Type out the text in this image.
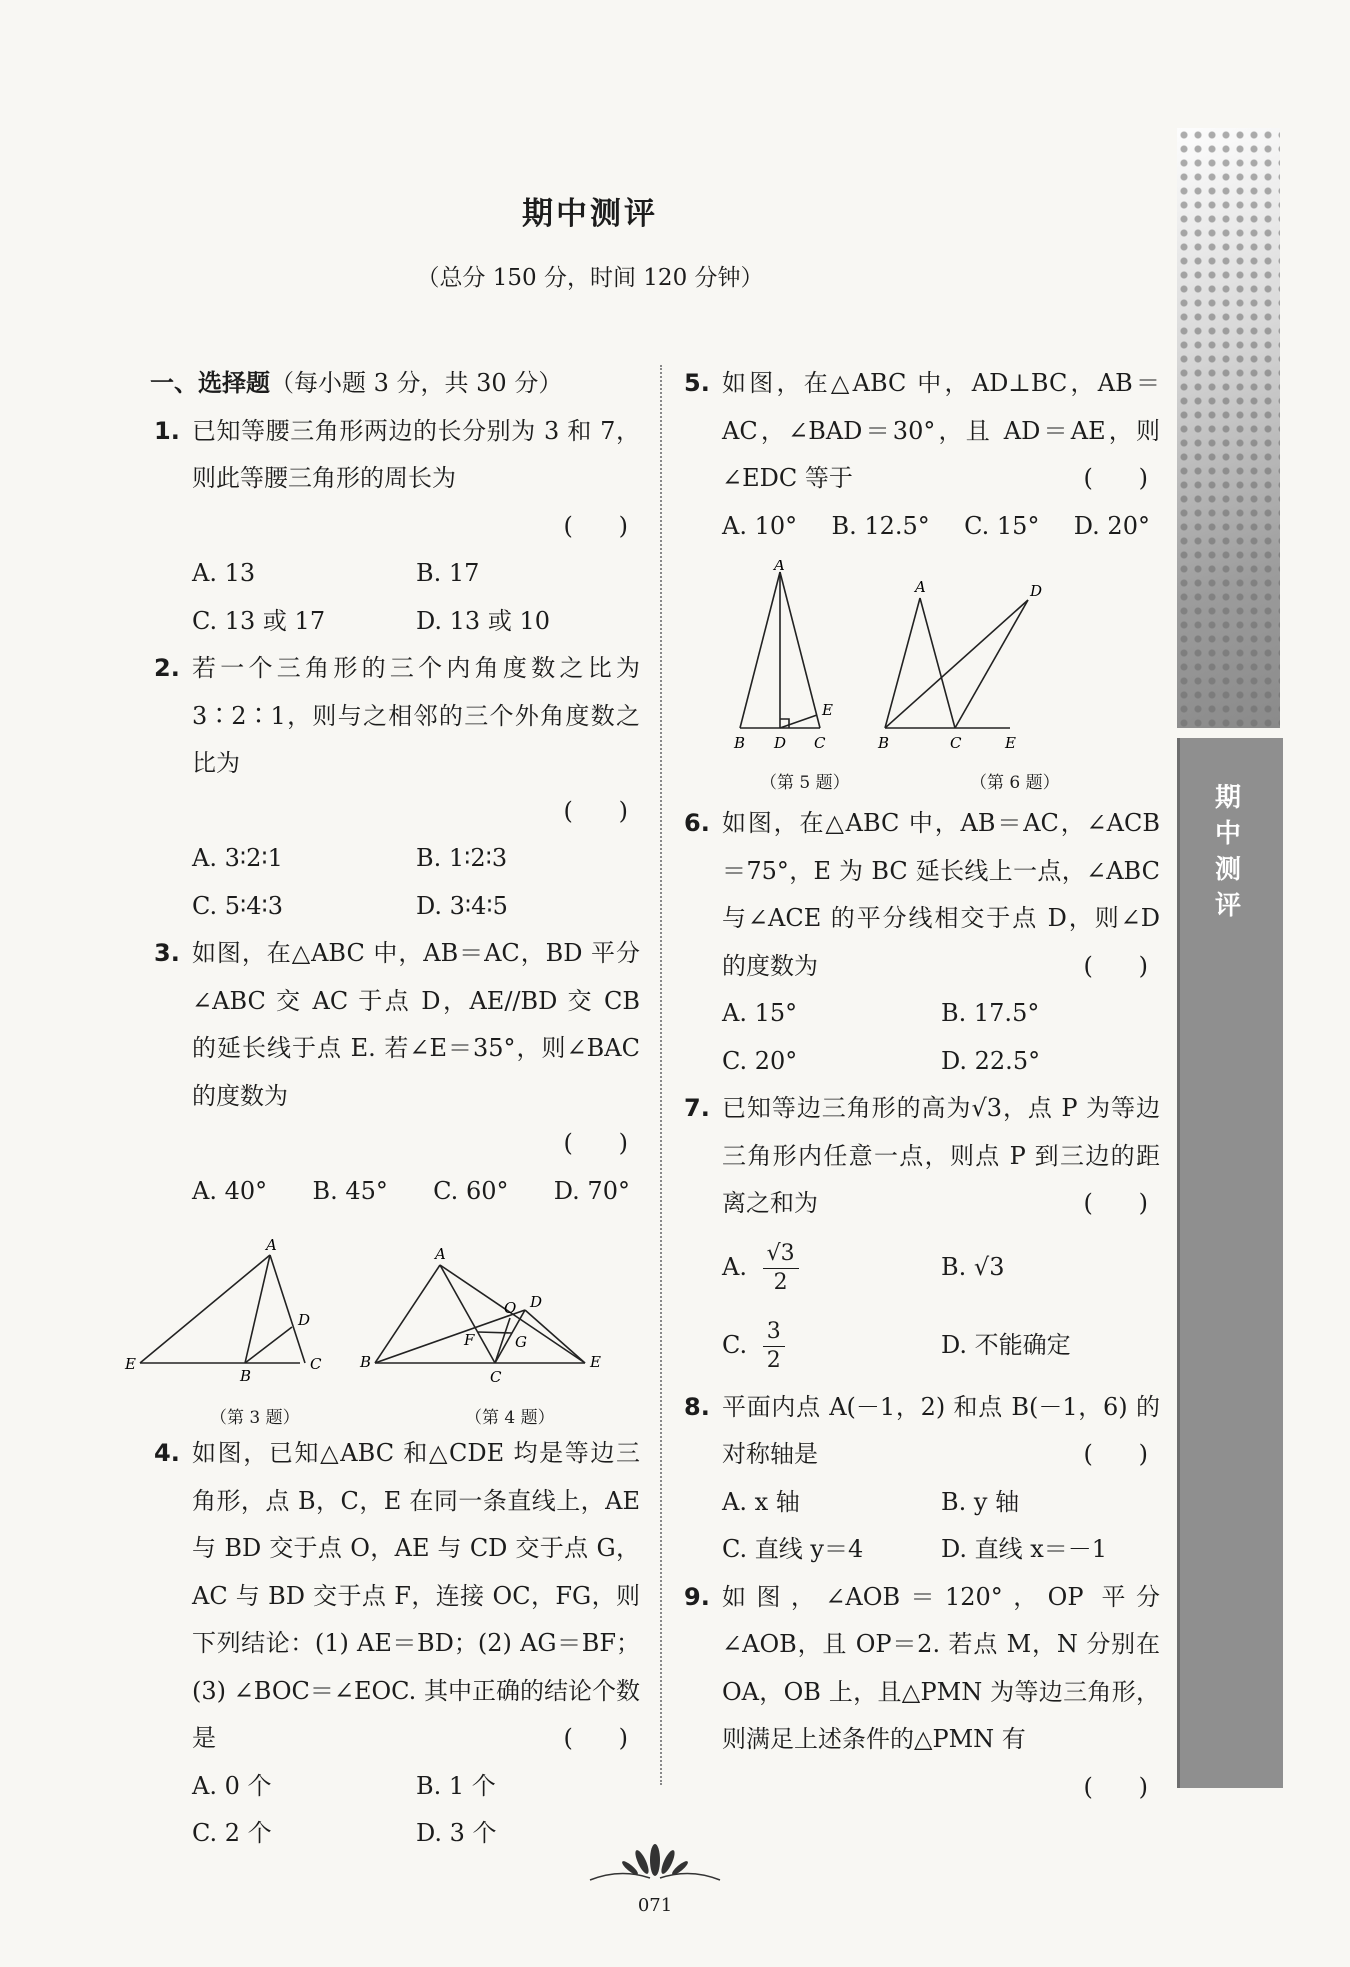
期
中
测
评
期中测评
（总分 150 分，时间 120 分钟）
一、选择题（每小题 3 分，共 30 分）
1. 已知等腰三角形两边的长分别为 3 和 7，则此等腰三角形的周长为
(      )
A. 13	B. 17
C. 13 或 17	D. 13 或 10
2. 若一个三角形的三个内角度数之比为 3∶2∶1，则与之相邻的三个外角度数之比为
(      )
A. 3∶2∶1	B. 1∶2∶3
C. 5∶4∶3	D. 3∶4∶5
3. 如图，在△ABC 中，AB＝AC，BD 平分∠ABC 交 AC 于点 D，AE//BD 交 CB 的延长线于点 E. 若∠E＝35°，则∠BAC 的度数为
(      )
A. 40° B. 45° C. 60° D. 70°
A
D
E
B
C
A
O D
F	G
B
C
E
（第 3 题）	（第 4 题）
4. 如图，已知△ABC 和△CDE 均是等边三角形，点 B，C，E 在同一条直线上，AE 与 BD 交于点 O，AE 与 CD 交于点 G，AC 与 BD 交于点 F，连接 OC，FG，则下列结论：(1) AE＝BD；(2) AG＝BF；(3) ∠BOC＝∠EOC. 其中正确的结论个数是	(      )
A. 0 个	B. 1 个
C. 2 个	D. 3 个
5. 如图，在△ABC 中，AD⊥BC，AB＝AC，∠BAD＝30°，且 AD＝AE，则∠EDC 等于	(      )
A. 10° B. 12.5° C. 15° D. 20°
A
E
B D C
A	D
B	C	E
（第 5 题）	（第 6 题）
6. 如图，在△ABC 中，AB＝AC，∠ACB＝75°，E 为 BC 延长线上一点，∠ABC 与∠ACE 的平分线相交于点 D，则∠D 的度数为	(      )
A. 15°	B. 17.5°
C. 20°	D. 22.5°
7. 已知等边三角形的高为√3，点 P 为等边三角形内任意一点，则点 P 到三边的距离之和为	(      )
A. $\frac{√3}{2}$	B. √3
C. $\frac{3}{2}$	D. 不能确定
8. 平面内点 A(－1，2) 和点 B(－1，6) 的对称轴是	(      )
A. x 轴	B. y 轴
C. 直线 y＝4	D. 直线 x＝－1
9. 如图，∠AOB＝120°，OP 平分∠AOB，且 OP＝2. 若点 M，N 分别在 OA，OB 上，且△PMN 为等边三角形，则满足上述条件的△PMN 有
(      )
071
